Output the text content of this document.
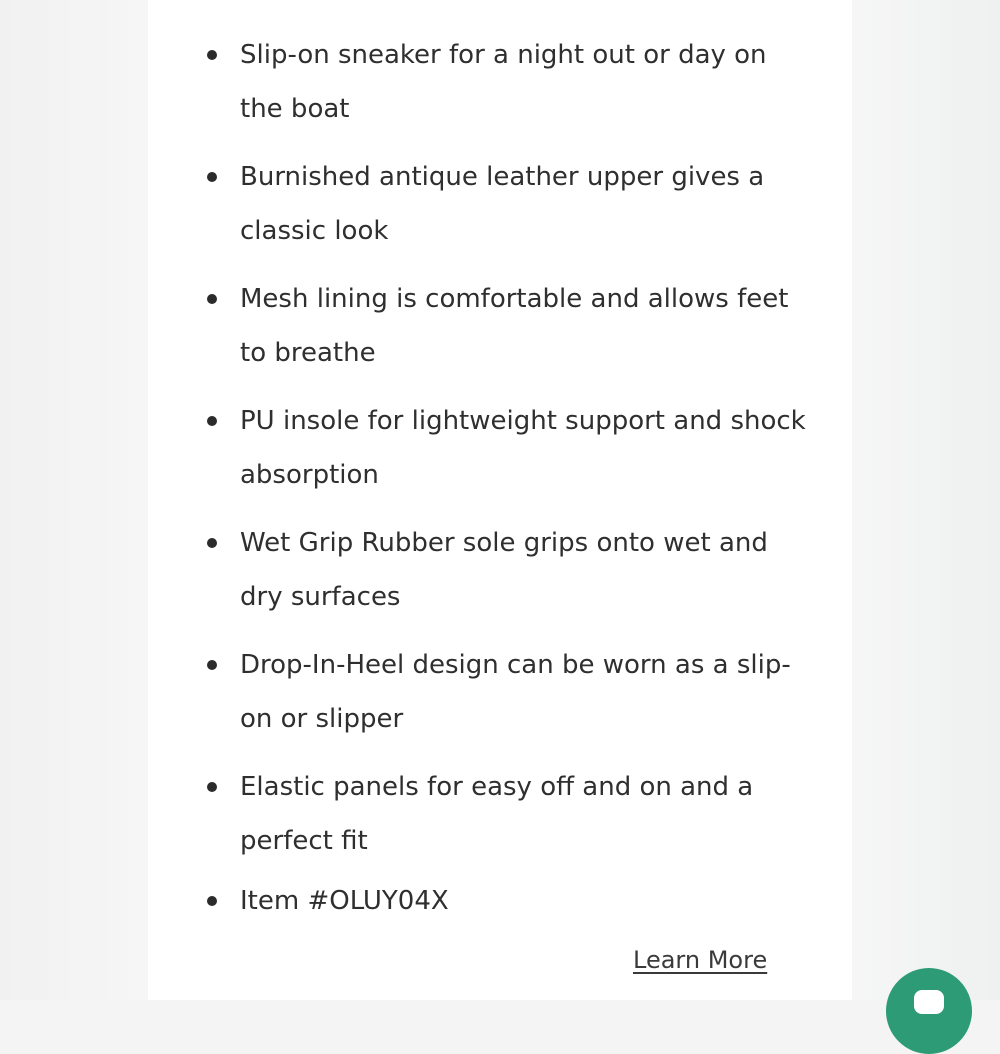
Slip-on sneaker for a night out or day on the boat
Burnished antique leather upper gives a classic look
Mesh lining is comfortable and allows feet to breathe
PU insole for lightweight support and shock absorption
Wet Grip Rubber sole grips onto wet and dry surfaces
Drop-In-Heel design can be worn as a slip-on or slipper
Elastic panels for easy off and on and a perfect fit
Item #OLUY04X
Learn More
